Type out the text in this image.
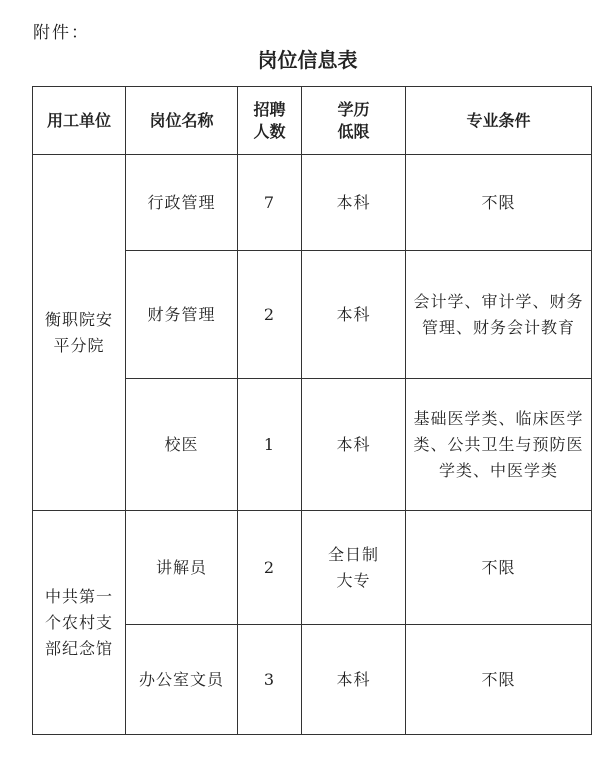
附件：
岗位信息表
用工单位	岗位名称	招聘人数	学历低限	专业条件
衡职院安平分院	行政管理	7	本科	不限
	财务管理	2	本科	会计学、审计学、财务管理、财务会计教育
	校医	1	本科	基础医学类、临床医学类、公共卫生与预防医学类、中医学类
中共第一个农村支部纪念馆	讲解员	2	全日制大专	不限
	办公室文员	3	本科	不限
